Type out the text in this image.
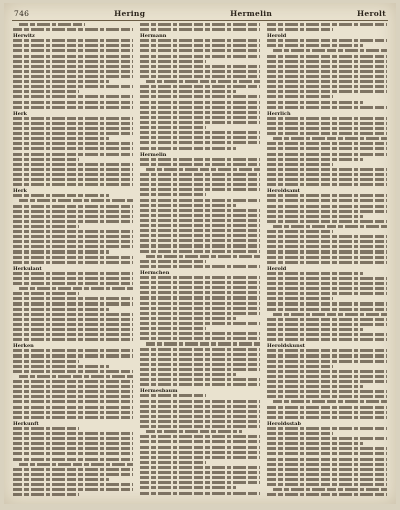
746	Hering	Hermelin	Herolt
Herwitz
Herk
Herk
Herkulant
Herken
Herkunft
Hermann
Hermelin
Hermchen
Hermesbaum
Herold
Herrlich
Heroldsamt
Herold
Heroldskunst
Heroldsstab
